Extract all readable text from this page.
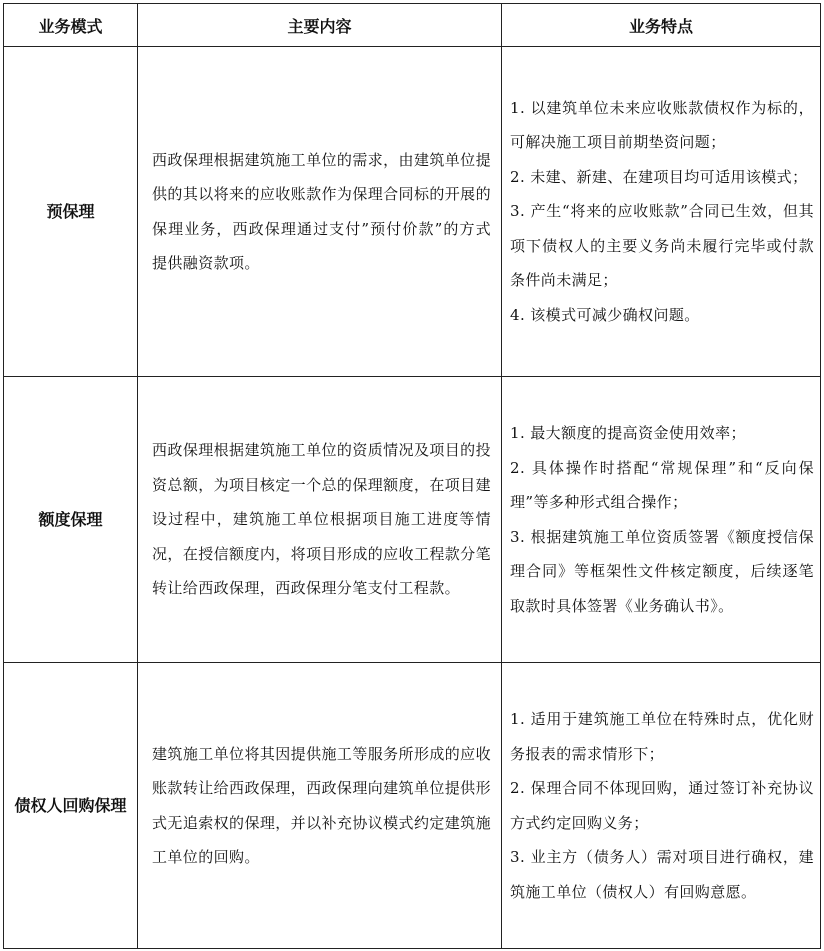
业务模式	主要内容	业务特点
预保理	西政保理根据建筑施工单位的需求，由建筑单位提供的其以将来的应收账款作为保理合同标的开展的保理业务，西政保理通过支付”预付价款”的方式提供融资款项。	1. 以建筑单位未来应收账款债权作为标的，可解决施工项目前期垫资问题；

2. 未建、新建、在建项目均可适用该模式；

3. 产生“将来的应收账款”合同已生效，但其项下债权人的主要义务尚未履行完毕或付款条件尚未满足；

4. 该模式可减少确权问题。

额度保理	西政保理根据建筑施工单位的资质情况及项目的投资总额，为项目核定一个总的保理额度，在项目建设过程中，建筑施工单位根据项目施工进度等情况，在授信额度内，将项目形成的应收工程款分笔转让给西政保理，西政保理分笔支付工程款。	1. 最大额度的提高资金使用效率；

2. 具体操作时搭配“常规保理”和“反向保理”等多种形式组合操作；

3. 根据建筑施工单位资质签署《额度授信保理合同》等框架性文件核定额度，后续逐笔取款时具体签署《业务确认书》。

债权人回购保理	建筑施工单位将其因提供施工等服务所形成的应收账款转让给西政保理，西政保理向建筑单位提供形式无追索权的保理，并以补充协议模式约定建筑施工单位的回购。	1. 适用于建筑施工单位在特殊时点，优化财务报表的需求情形下；

2. 保理合同不体现回购，通过签订补充协议方式约定回购义务；

3. 业主方（债务人）需对项目进行确权，建筑施工单位（债权人）有回购意愿。
